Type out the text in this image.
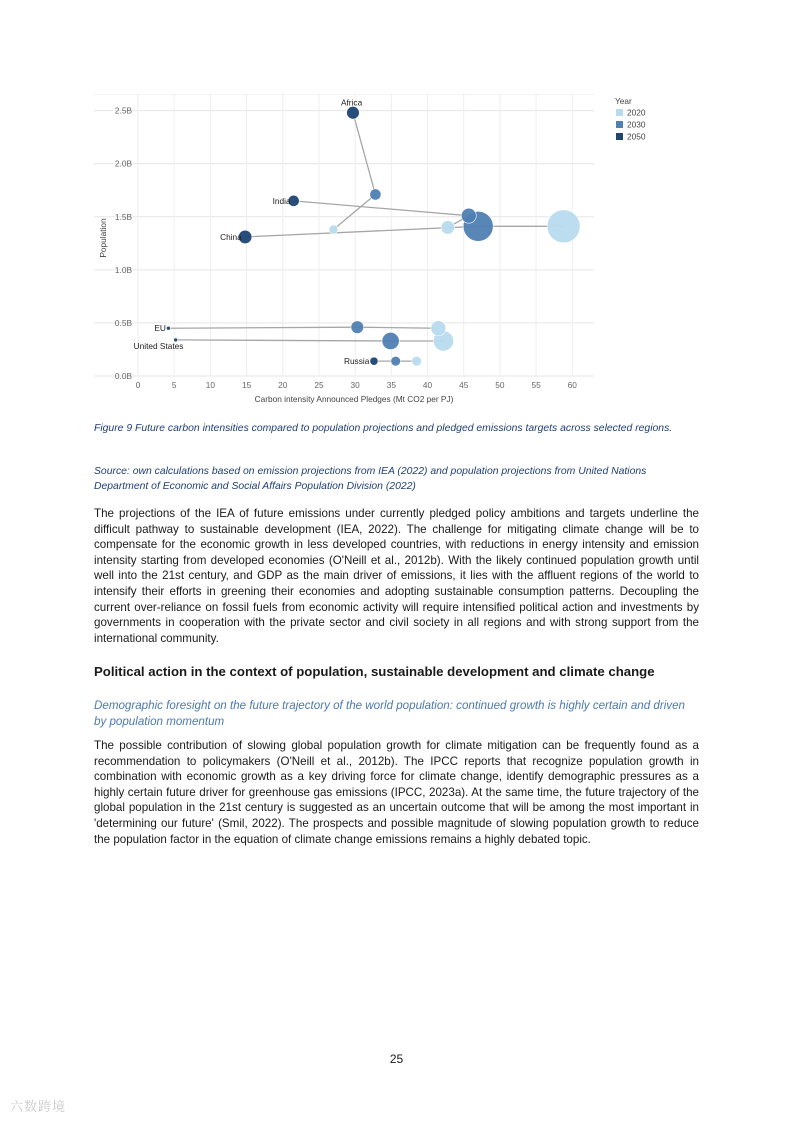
0.0B
0.5B
1.0B
1.5B
2.0B
2.5B
0	5	10	15	20	25	30	35	40	45	50	55	60
Carbon intensity Announced Pledges (Mt CO2 per PJ)
Population
Africa
India
China
EU
United States
Russia
Year
2020
2030
2050

Figure 9 Future carbon intensities compared to population projections and pledged emissions targets across selected regions.

Source: own calculations based on emission projections from IEA (2022) and population projections from United Nations Department of Economic and Social Affairs Population Division (2022)

The projections of the IEA of future emissions under currently pledged policy ambitions and targets underline the difficult pathway to sustainable development (IEA, 2022). The challenge for mitigating climate change will be to compensate for the economic growth in less developed countries, with reductions in energy intensity and emission intensity starting from developed economies (O'Neill et al., 2012b). With the likely continued population growth until well into the 21st century, and GDP as the main driver of emissions, it lies with the affluent regions of the world to intensify their efforts in greening their economies and adopting sustainable consumption patterns. Decoupling the current over-reliance on fossil fuels from economic activity will require intensified political action and investments by governments in cooperation with the private sector and civil society in all regions and with strong support from the international community.

Political action in the context of population, sustainable development and climate change

Demographic foresight on the future trajectory of the world population: continued growth is highly certain and driven by population momentum

The possible contribution of slowing global population growth for climate mitigation can be frequently found as a recommendation to policymakers (O'Neill et al., 2012b). The IPCC reports that recognize population growth in combination with economic growth as a key driving force for climate change, identify demographic pressures as a highly certain future driver for greenhouse gas emissions (IPCC, 2023a). At the same time, the future trajectory of the global population in the 21st century is suggested as an uncertain outcome that will be among the most important in 'determining our future' (Smil, 2022). The prospects and possible magnitude of slowing population growth to reduce the population factor in the equation of climate change emissions remains a highly debated topic.

25
六数跨境
